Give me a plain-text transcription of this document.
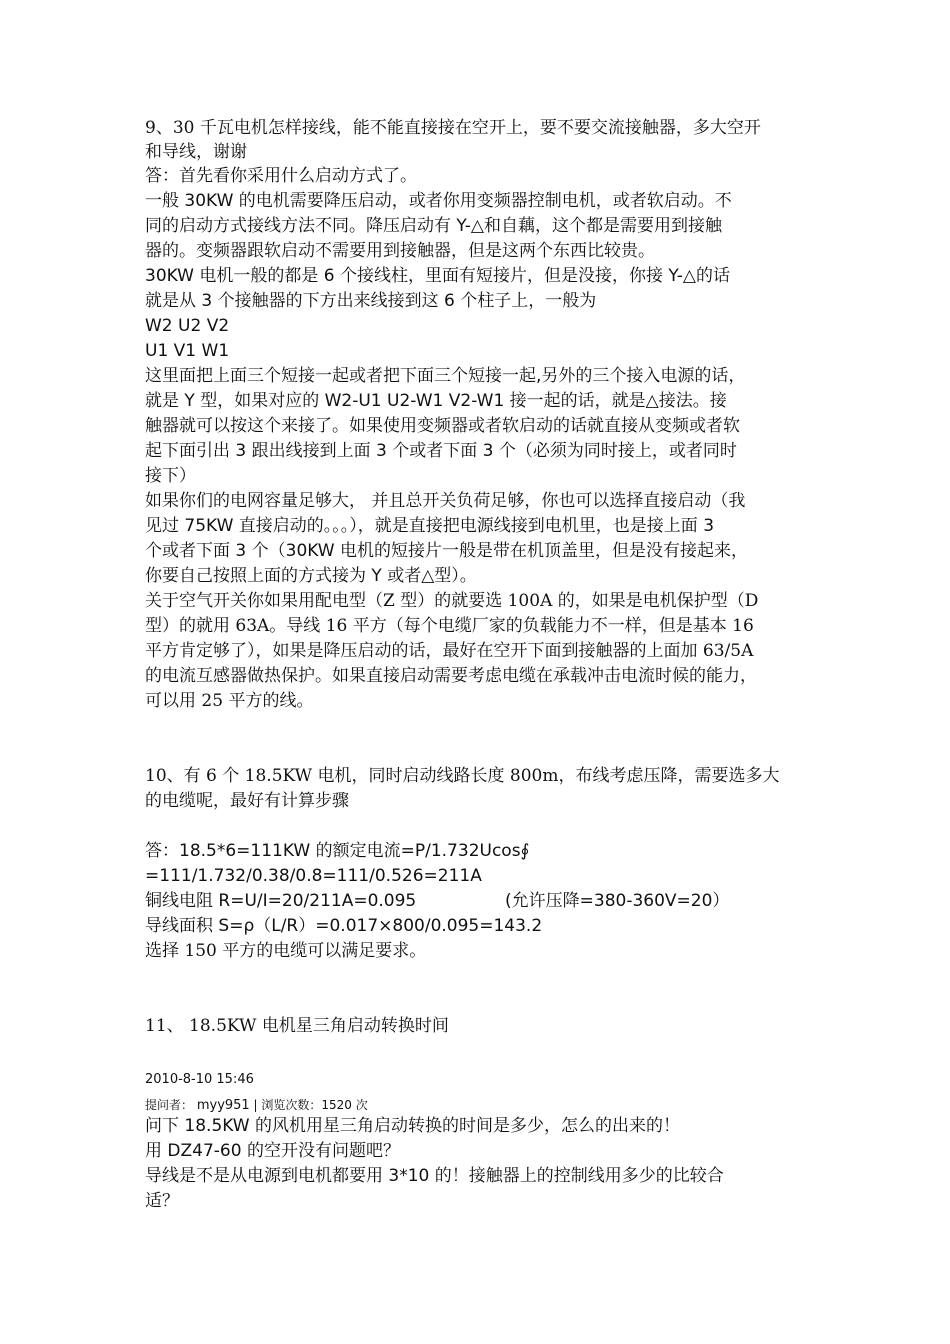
9、30 千瓦电机怎样接线，能不能直接接在空开上，要不要交流接触器，多大空开
和导线，谢谢
答：首先看你采用什么启动方式了。
一般 30KW 的电机需要降压启动，或者你用变频器控制电机，或者软启动。不
同的启动方式接线方法不同。降压启动有 Y-△和自藕，这个都是需要用到接触
器的。变频器跟软启动不需要用到接触器，但是这两个东西比较贵。
30KW 电机一般的都是 6 个接线柱，里面有短接片，但是没接，你接 Y-△的话
就是从 3 个接触器的下方出来线接到这 6 个柱子上，一般为
W2 U2 V2
U1 V1 W1
这里面把上面三个短接一起或者把下面三个短接一起,另外的三个接入电源的话，
就是 Y 型，如果对应的 W2-U1 U2-W1 V2-W1 接一起的话，就是△接法。接
触器就可以按这个来接了。如果使用变频器或者软启动的话就直接从变频或者软
起下面引出 3 跟出线接到上面 3 个或者下面 3 个（必须为同时接上，或者同时
接下）
如果你们的电网容量足够大， 并且总开关负荷足够，你也可以选择直接启动（我
见过 75KW 直接启动的。。。），就是直接把电源线接到电机里，也是接上面 3
个或者下面 3 个（30KW 电机的短接片一般是带在机顶盖里，但是没有接起来，
你要自己按照上面的方式接为 Y 或者△型）。
关于空气开关你如果用配电型（Z 型）的就要选 100A 的，如果是电机保护型（D
型）的就用 63A。导线 16 平方（每个电缆厂家的负载能力不一样，但是基本 16
平方肯定够了），如果是降压启动的话，最好在空开下面到接触器的上面加 63/5A
的电流互感器做热保护。如果直接启动需要考虑电缆在承载冲击电流时候的能力，
可以用 25 平方的线。
10、有 6 个 18.5KW 电机，同时启动线路长度 800m，布线考虑压降，需要选多大
的电缆呢，最好有计算步骤
答：18.5*6=111KW 的额定电流=P/1.732Ucos∮
=111/1.732/0.38/0.8=111/0.526=211A
铜线电阻 R=U/I=20/211A=0.095	(允许压降=380-360V=20）
导线面积 S=ρ（L/R）=0.017×800/0.095=143.2
选择 150 平方的电缆可以满足要求。
11、 18.5KW 电机星三角启动转换时间
2010-8-10 15:46
提问者： myy951 | 浏览次数：1520 次
问下 18.5KW 的风机用星三角启动转换的时间是多少，怎么的出来的！
用 DZ47-60 的空开没有问题吧？
导线是不是从电源到电机都要用 3*10 的！接触器上的控制线用多少的比较合
适？
